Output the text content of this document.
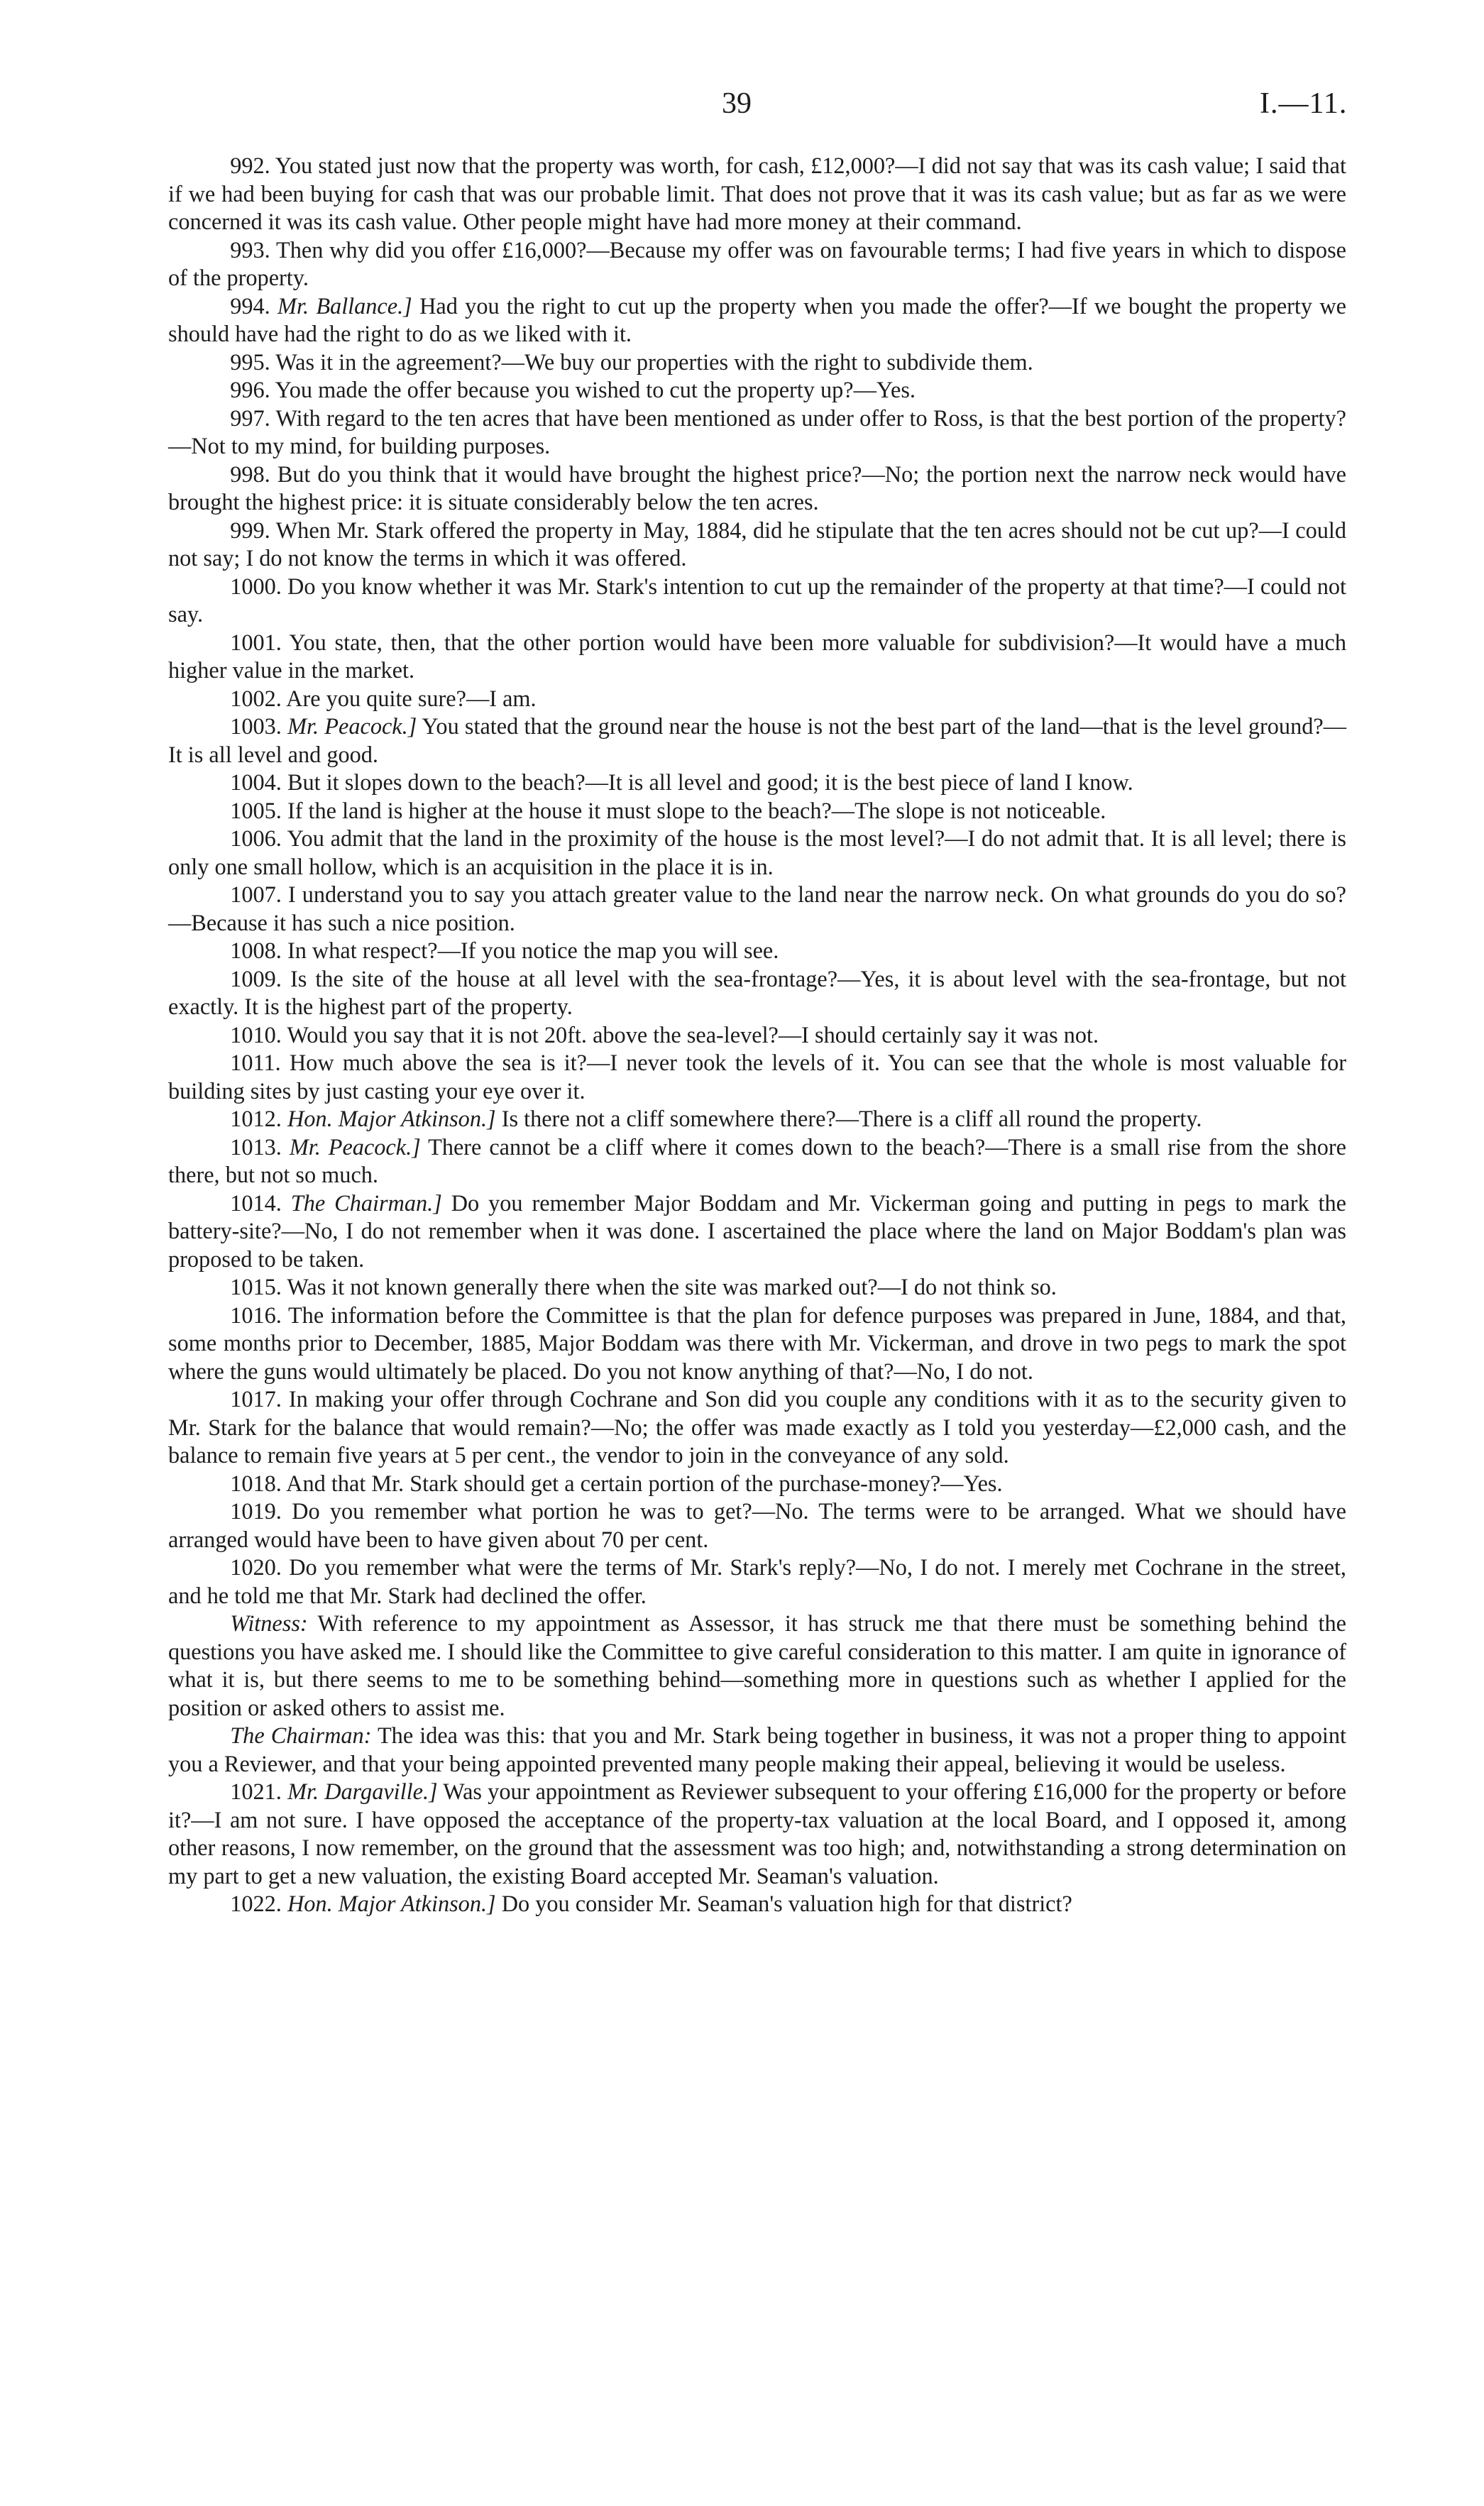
39	I.—11.

992. You stated just now that the property was worth, for cash, £12,000?—I did not say that was its cash value; I said that if we had been buying for cash that was our probable limit. That does not prove that it was its cash value; but as far as we were concerned it was its cash value. Other people might have had more money at their command.

993. Then why did you offer £16,000?—Because my offer was on favourable terms; I had five years in which to dispose of the property.

994. Mr. Ballance.] Had you the right to cut up the property when you made the offer?—If we bought the property we should have had the right to do as we liked with it.

995. Was it in the agreement?—We buy our properties with the right to subdivide them.

996. You made the offer because you wished to cut the property up?—Yes.

997. With regard to the ten acres that have been mentioned as under offer to Ross, is that the best portion of the property?—Not to my mind, for building purposes.

998. But do you think that it would have brought the highest price?—No; the portion next the narrow neck would have brought the highest price: it is situate considerably below the ten acres.

999. When Mr. Stark offered the property in May, 1884, did he stipulate that the ten acres should not be cut up?—I could not say; I do not know the terms in which it was offered.

1000. Do you know whether it was Mr. Stark's intention to cut up the remainder of the property at that time?—I could not say.

1001. You state, then, that the other portion would have been more valuable for subdivision?—It would have a much higher value in the market.

1002. Are you quite sure?—I am.

1003. Mr. Peacock.] You stated that the ground near the house is not the best part of the land—that is the level ground?—It is all level and good.

1004. But it slopes down to the beach?—It is all level and good; it is the best piece of land I know.

1005. If the land is higher at the house it must slope to the beach?—The slope is not noticeable.

1006. You admit that the land in the proximity of the house is the most level?—I do not admit that. It is all level; there is only one small hollow, which is an acquisition in the place it is in.

1007. I understand you to say you attach greater value to the land near the narrow neck. On what grounds do you do so?—Because it has such a nice position.

1008. In what respect?—If you notice the map you will see.

1009. Is the site of the house at all level with the sea-frontage?—Yes, it is about level with the sea-frontage, but not exactly. It is the highest part of the property.

1010. Would you say that it is not 20ft. above the sea-level?—I should certainly say it was not.

1011. How much above the sea is it?—I never took the levels of it. You can see that the whole is most valuable for building sites by just casting your eye over it.

1012. Hon. Major Atkinson.] Is there not a cliff somewhere there?—There is a cliff all round the property.

1013. Mr. Peacock.] There cannot be a cliff where it comes down to the beach?—There is a small rise from the shore there, but not so much.

1014. The Chairman.] Do you remember Major Boddam and Mr. Vickerman going and putting in pegs to mark the battery-site?—No, I do not remember when it was done. I ascertained the place where the land on Major Boddam's plan was proposed to be taken.

1015. Was it not known generally there when the site was marked out?—I do not think so.

1016. The information before the Committee is that the plan for defence purposes was prepared in June, 1884, and that, some months prior to December, 1885, Major Boddam was there with Mr. Vickerman, and drove in two pegs to mark the spot where the guns would ultimately be placed. Do you not know anything of that?—No, I do not.

1017. In making your offer through Cochrane and Son did you couple any conditions with it as to the security given to Mr. Stark for the balance that would remain?—No; the offer was made exactly as I told you yesterday—£2,000 cash, and the balance to remain five years at 5 per cent., the vendor to join in the conveyance of any sold.

1018. And that Mr. Stark should get a certain portion of the purchase-money?—Yes.

1019. Do you remember what portion he was to get?—No. The terms were to be arranged. What we should have arranged would have been to have given about 70 per cent.

1020. Do you remember what were the terms of Mr. Stark's reply?—No, I do not. I merely met Cochrane in the street, and he told me that Mr. Stark had declined the offer.

Witness: With reference to my appointment as Assessor, it has struck me that there must be something behind the questions you have asked me. I should like the Committee to give careful consideration to this matter. I am quite in ignorance of what it is, but there seems to me to be something behind—something more in questions such as whether I applied for the position or asked others to assist me.

The Chairman: The idea was this: that you and Mr. Stark being together in business, it was not a proper thing to appoint you a Reviewer, and that your being appointed prevented many people making their appeal, believing it would be useless.

1021. Mr. Dargaville.] Was your appointment as Reviewer subsequent to your offering £16,000 for the property or before it?—I am not sure. I have opposed the acceptance of the property-tax valuation at the local Board, and I opposed it, among other reasons, I now remember, on the ground that the assessment was too high; and, notwithstanding a strong determination on my part to get a new valuation, the existing Board accepted Mr. Seaman's valuation.

1022. Hon. Major Atkinson.] Do you consider Mr. Seaman's valuation high for that district?
